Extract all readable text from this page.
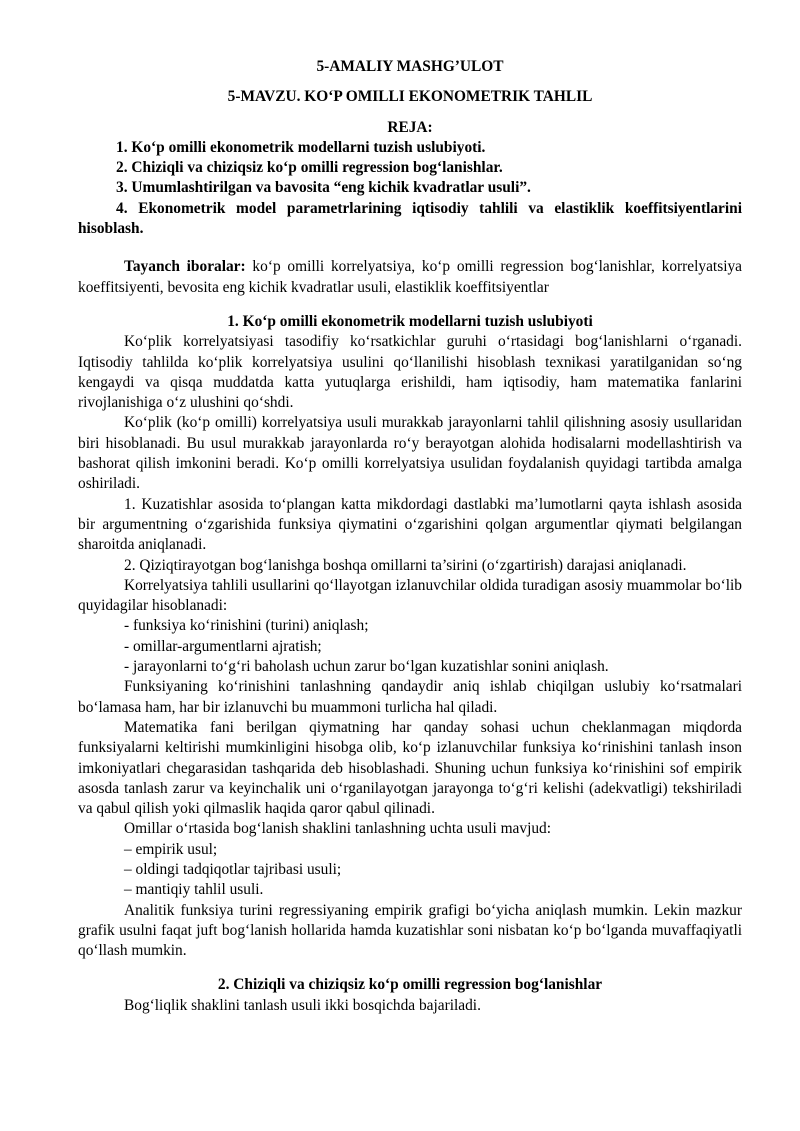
5-AMALIY MASHG’ULOT
5-MAVZU. KO‘P OMILLI EKONOMETRIK TAHLIL
REJA:
1. Ko‘p omilli ekonometrik modellarni tuzish uslubiyoti.
2. Chiziqli va chiziqsiz ko‘p omilli regression bog‘lanishlar.
3. Umumlashtirilgan va bavosita “eng kichik kvadratlar usuli”.
4. Ekonometrik model parametrlarining iqtisodiy tahlili va elastiklik koeffitsiyentlarini hisoblash.
Tayanch iboralar: ko‘p omilli korrelyatsiya, ko‘p omilli regression bog‘lanishlar, korrelyatsiya koeffitsiyenti, bevosita eng kichik kvadratlar usuli, elastiklik koeffitsiyentlar
1. Ko‘p omilli ekonometrik modellarni tuzish uslubiyoti
Ko‘plik korrelyatsiyasi tasodifiy ko‘rsatkichlar guruhi o‘rtasidagi bog‘lanishlarni o‘rganadi. Iqtisodiy tahlilda ko‘plik korrelyatsiya usulini qo‘llanilishi hisoblash texnikasi yaratilganidan so‘ng kengaydi va qisqa muddatda katta yutuqlarga erishildi, ham iqtisodiy, ham matematika fanlarini rivojlanishiga o‘z ulushini qo‘shdi.
Ko‘plik (ko‘p omilli) korrelyatsiya usuli murakkab jarayonlarni tahlil qilishning asosiy usullaridan biri hisoblanadi. Bu usul murakkab jarayonlarda ro‘y berayotgan alohida hodisalarni modellashtirish va bashorat qilish imkonini beradi. Ko‘p omilli korrelyatsiya usulidan foydalanish quyidagi tartibda amalga oshiriladi.
1. Kuzatishlar asosida to‘plangan katta mikdordagi dastlabki ma’lumotlarni qayta ishlash asosida bir argumentning o‘zgarishida funksiya qiymatini o‘zgarishini qolgan argumentlar qiymati belgilangan sharoitda aniqlanadi.
2. Qiziqtirayotgan bog‘lanishga boshqa omillarni ta’sirini (o‘zgartirish) darajasi aniqlanadi.
Korrelyatsiya tahlili usullarini qo‘llayotgan izlanuvchilar oldida turadigan asosiy muammolar bo‘lib quyidagilar hisoblanadi:
- funksiya ko‘rinishini (turini) aniqlash;
- omillar-argumentlarni ajratish;
- jarayonlarni to‘g‘ri baholash uchun zarur bo‘lgan kuzatishlar sonini aniqlash.
Funksiyaning ko‘rinishini tanlashning qandaydir aniq ishlab chiqilgan uslubiy ko‘rsatmalari bo‘lamasa ham, har bir izlanuvchi bu muammoni turlicha hal qiladi.
Matematika fani berilgan qiymatning har qanday sohasi uchun cheklanmagan miqdorda funksiyalarni keltirishi mumkinligini hisobga olib, ko‘p izlanuvchilar funksiya ko‘rinishini tanlash inson imkoniyatlari chegarasidan tashqarida deb hisoblashadi. Shuning uchun funksiya ko‘rinishini sof empirik asosda tanlash zarur va keyinchalik uni o‘rganilayotgan jarayonga to‘g‘ri kelishi (adekvatligi) tekshiriladi va qabul qilish yoki qilmaslik haqida qaror qabul qilinadi.
Omillar o‘rtasida bog‘lanish shaklini tanlashning uchta usuli mavjud:
– empirik usul;
– oldingi tadqiqotlar tajribasi usuli;
– mantiqiy tahlil usuli.
Analitik funksiya turini regressiyaning empirik grafigi bo‘yicha aniqlash mumkin. Lekin mazkur grafik usulni faqat juft bog‘lanish hollarida hamda kuzatishlar soni nisbatan ko‘p bo‘lganda muvaffaqiyatli qo‘llash mumkin.
2. Chiziqli va chiziqsiz ko‘p omilli regression bog‘lanishlar
Bog‘liqlik shaklini tanlash usuli ikki bosqichda bajariladi.
